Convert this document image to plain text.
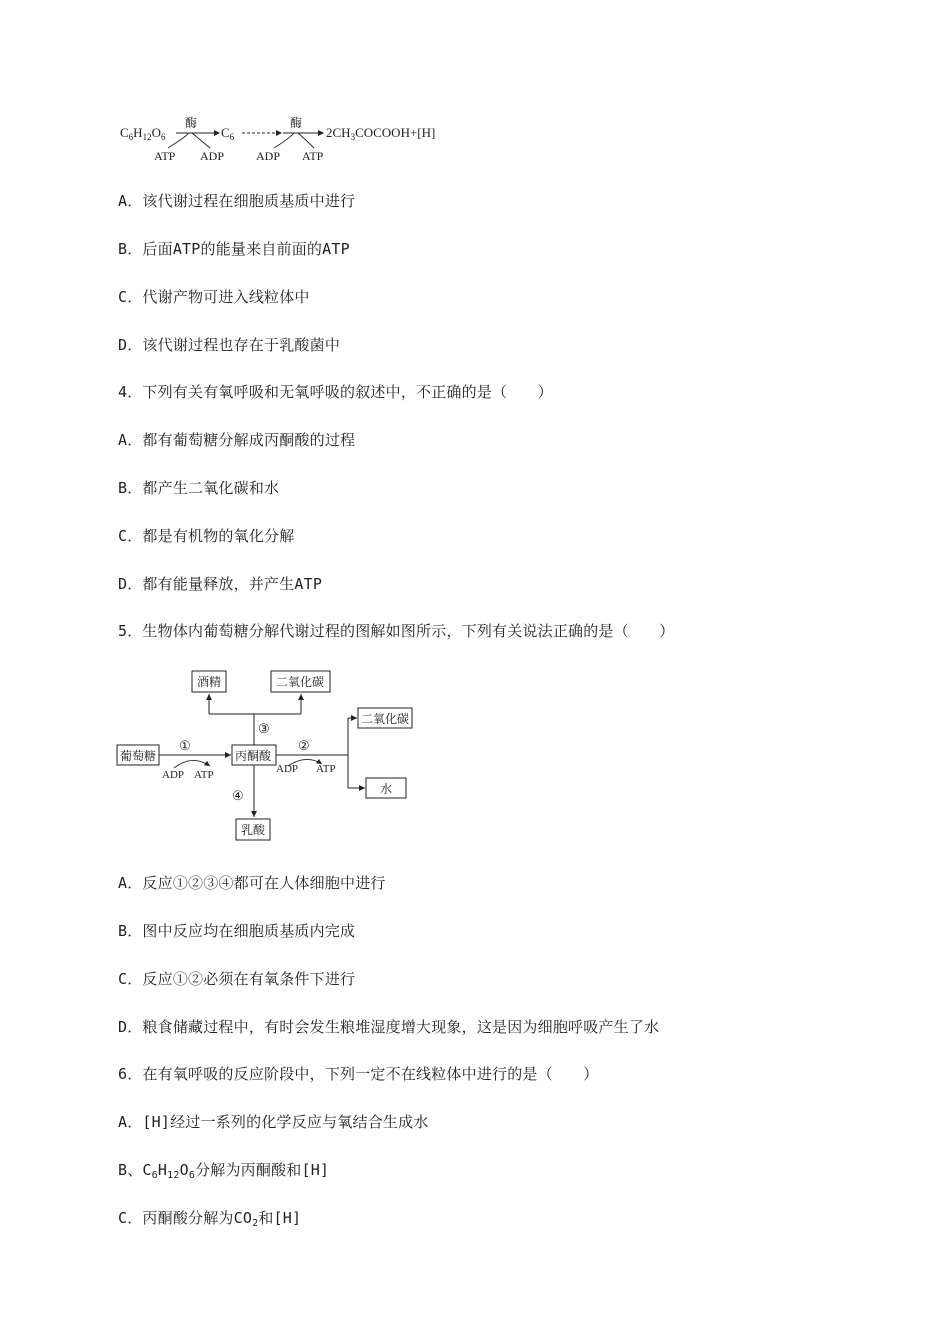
$C_6H_{12}O_6$
酶
ATP ADP
$C_6$
酶
ADP ATP
$2CH_3COCOOH+[H]$
A．该代谢过程在细胞质基质中进行
B．后面ATP的能量来自前面的ATP
C．代谢产物可进入线粒体中
D．该代谢过程也存在于乳酸菌中
4．下列有关有氧呼吸和无氧呼吸的叙述中，不正确的是（　　）
A．都有葡萄糖分解成丙酮酸的过程
B．都产生二氧化碳和水
C．都是有机物的氧化分解
D．都有能量释放，并产生ATP
5．生物体内葡萄糖分解代谢过程的图解如图所示，下列有关说法正确的是（　　）
酒精	二氧化碳
二氧化碳
葡萄糖	丙酮酸
水
乳酸
①
ADP ATP
③
②
ADP ATP
④
A．反应①②③④都可在人体细胞中进行
B．图中反应均在细胞质基质内完成
C．反应①②必须在有氧条件下进行
D．粮食储藏过程中，有时会发生粮堆湿度增大现象，这是因为细胞呼吸产生了水
6．在有氧呼吸的反应阶段中，下列一定不在线粒体中进行的是（　　）
A．[H]经过一系列的化学反应与氧结合生成水
B、$C_6H_{12}O_6$分解为丙酮酸和[H]
C．丙酮酸分解为$CO_2$和[H]
